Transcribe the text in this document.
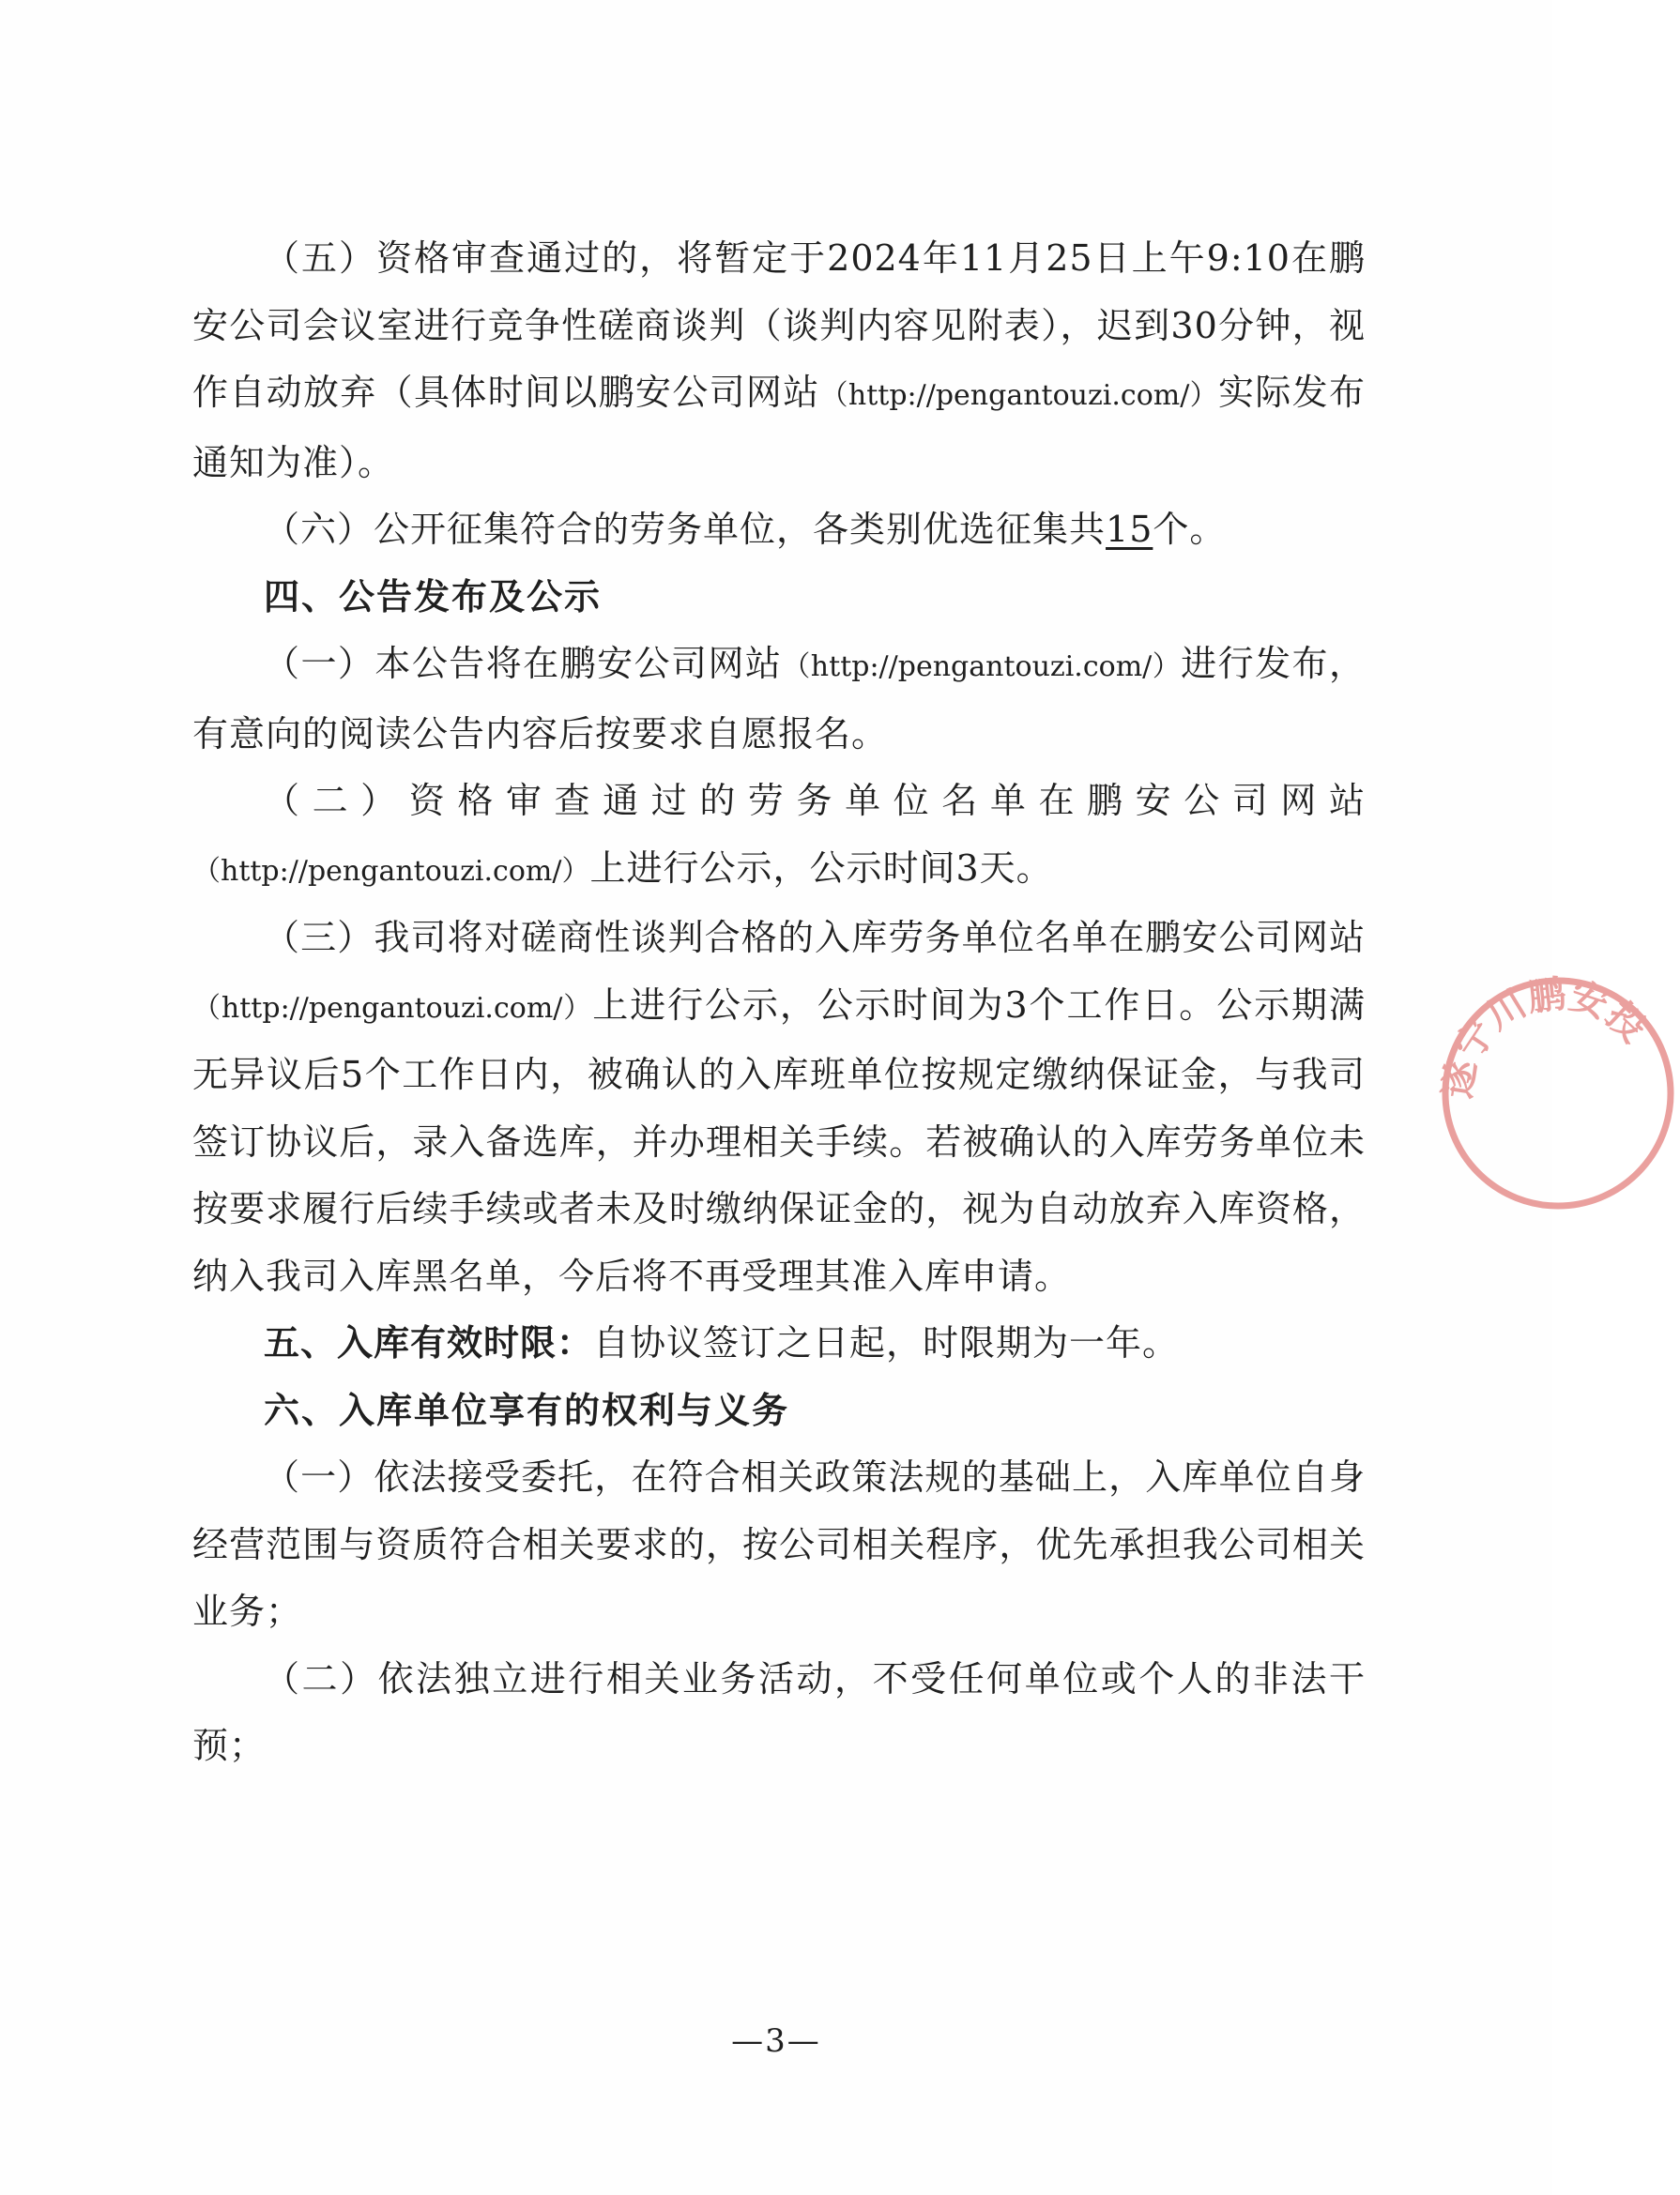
（五）资格审查通过的，将暂定于2024年11月25日上午9:10在鹏安公司会议室进行竞争性磋商谈判（谈判内容见附表），迟到30分钟，视作自动放弃（具体时间以鹏安公司网站（http://pengantouzi.com/）实际发布通知为准）。

（六）公开征集符合的劳务单位，各类别优选征集共15个。

四、公告发布及公示

（一）本公告将在鹏安公司网站（http://pengantouzi.com/）进行发布，有意向的阅读公告内容后按要求自愿报名。

（二）资格审查通过的劳务单位名单在鹏安公司网站（http://pengantouzi.com/）上进行公示，公示时间3天。

（三）我司将对磋商性谈判合格的入库劳务单位名单在鹏安公司网站（http://pengantouzi.com/）上进行公示，公示时间为3个工作日。公示期满无异议后5个工作日内，被确认的入库班单位按规定缴纳保证金，与我司签订协议后，录入备选库，并办理相关手续。若被确认的入库劳务单位未按要求履行后续手续或者未及时缴纳保证金的，视为自动放弃入库资格，纳入我司入库黑名单，今后将不再受理其准入库申请。

五、入库有效时限：自协议签订之日起，时限期为一年。

六、入库单位享有的权利与义务

（一）依法接受委托，在符合相关政策法规的基础上，入库单位自身经营范围与资质符合相关要求的，按公司相关程序，优先承担我公司相关业务；

（二）依法独立进行相关业务活动，不受任何单位或个人的非法干预；

遂宁川鹏安投
—3—
